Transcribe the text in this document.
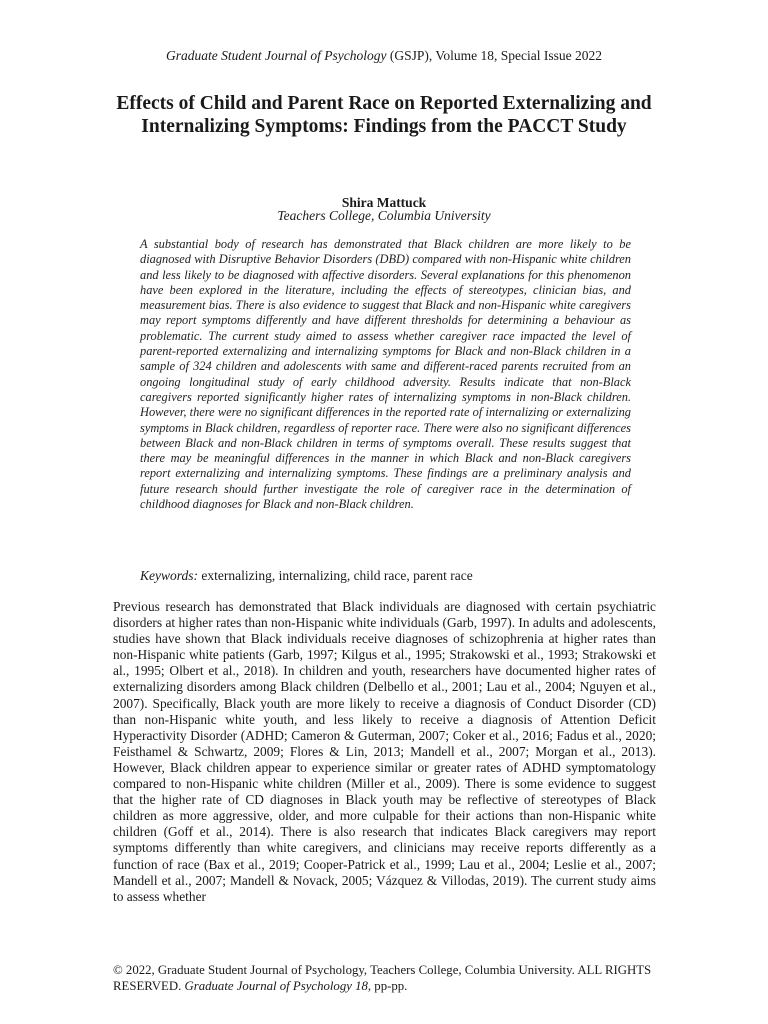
Graduate Student Journal of Psychology (GSJP), Volume 18, Special Issue 2022
Effects of Child and Parent Race on Reported Externalizing and Internalizing Symptoms: Findings from the PACCT Study
Shira Mattuck
Teachers College, Columbia University

A substantial body of research has demonstrated that Black children are more likely to be diagnosed with Disruptive Behavior Disorders (DBD) compared with non-Hispanic white children and less likely to be diagnosed with affective disorders. Several explanations for this phenomenon have been explored in the literature, including the effects of stereotypes, clinician bias, and measurement bias. There is also evidence to suggest that Black and non-Hispanic white caregivers may report symptoms differently and have different thresholds for determining a behaviour as problematic. The current study aimed to assess whether caregiver race impacted the level of parent-reported externalizing and internalizing symptoms for Black and non-Black children in a sample of 324 children and adolescents with same and different-raced parents recruited from an ongoing longitudinal study of early childhood adversity. Results indicate that non-Black caregivers reported significantly higher rates of internalizing symptoms in non-Black children. However, there were no significant differences in the reported rate of internalizing or externalizing symptoms in Black children, regardless of reporter race. There were also no significant differences between Black and non-Black children in terms of symptoms overall. These results suggest that there may be meaningful differences in the manner in which Black and non-Black caregivers report externalizing and internalizing symptoms. These findings are a preliminary analysis and future research should further investigate the role of caregiver race in the determination of childhood diagnoses for Black and non-Black children.

Keywords: externalizing, internalizing, child race, parent race

Previous research has demonstrated that Black individuals are diagnosed with certain psychiatric disorders at higher rates than non-Hispanic white individuals (Garb, 1997). In adults and adolescents, studies have shown that Black individuals receive diagnoses of schizophrenia at higher rates than non-Hispanic white patients (Garb, 1997; Kilgus et al., 1995; Strakowski et al., 1993; Strakowski et al., 1995; Olbert et al., 2018). In children and youth, researchers have documented higher rates of externalizing disorders among Black children (Delbello et al., 2001; Lau et al., 2004; Nguyen et al., 2007). Specifically, Black youth are more likely to receive a diagnosis of Conduct Disorder (CD) than non-Hispanic white youth, and less likely to receive a diagnosis of Attention Deficit Hyperactivity Disorder (ADHD; Cameron & Guterman, 2007; Coker et al., 2016; Fadus et al., 2020; Feisthamel & Schwartz, 2009; Flores & Lin, 2013; Mandell et al., 2007; Morgan et al., 2013). However, Black children appear to experience similar or greater rates of ADHD symptomatology compared to non-Hispanic white children (Miller et al., 2009). There is some evidence to suggest that the higher rate of CD diagnoses in Black youth may be reflective of stereotypes of Black children as more aggressive, older, and more culpable for their actions than non-Hispanic white children (Goff et al., 2014). There is also research that indicates Black caregivers may report symptoms differently than white caregivers, and clinicians may receive reports differently as a function of race (Bax et al., 2019; Cooper-Patrick et al., 1999; Lau et al., 2004; Leslie et al., 2007; Mandell et al., 2007; Mandell & Novack, 2005; Vázquez & Villodas, 2019). The current study aims to assess whether

© 2022, Graduate Student Journal of Psychology, Teachers College, Columbia University. ALL RIGHTS RESERVED. Graduate Journal of Psychology 18, pp-pp.
